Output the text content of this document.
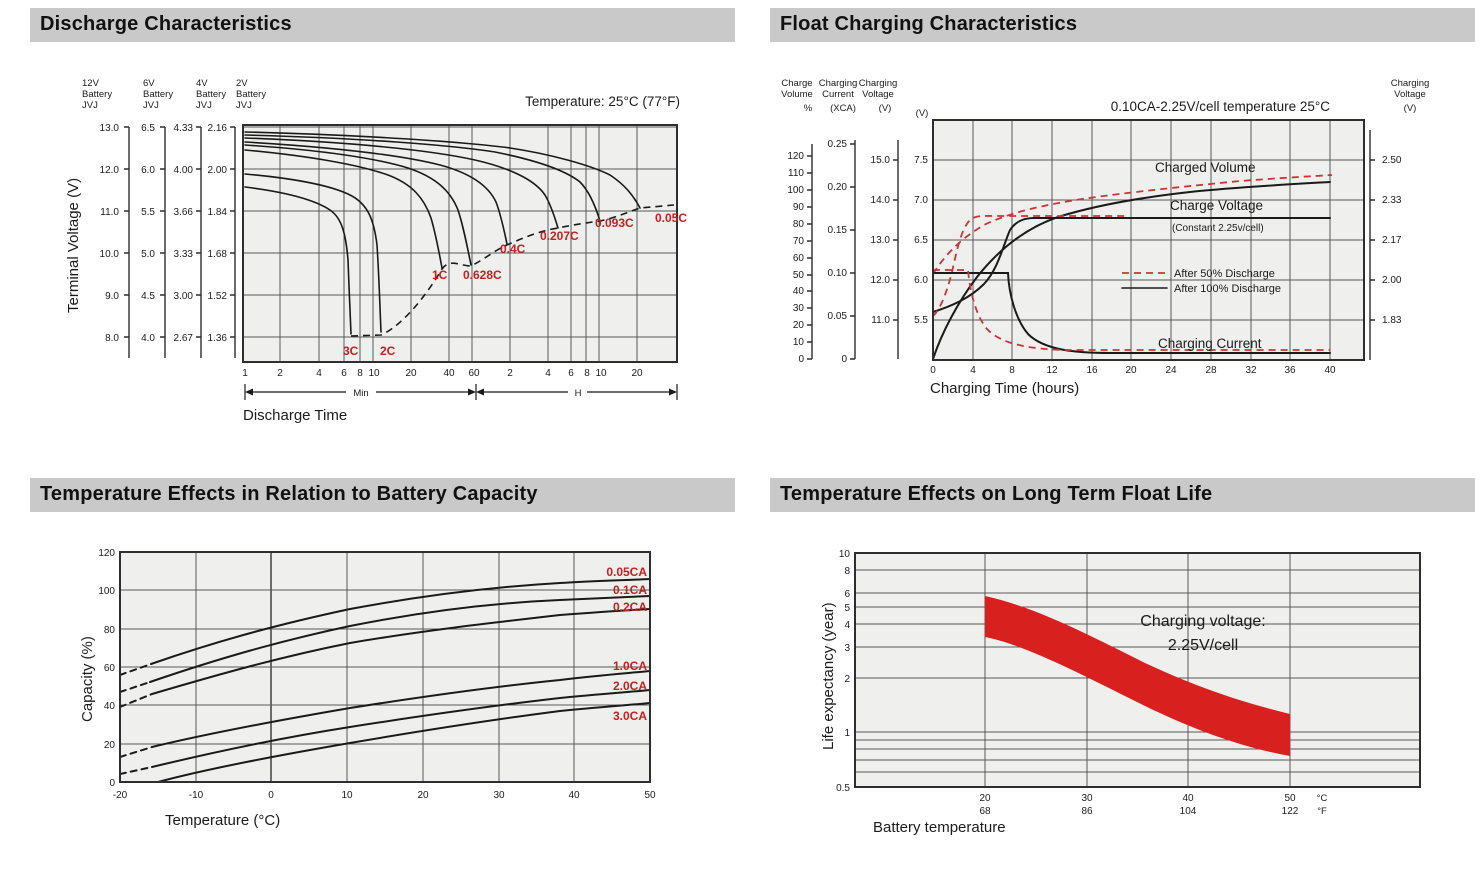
Discharge Characteristics	Float Charging Characteristics
Temperature Effects in Relation to Battery Capacity	Temperature Effects on Long Term Float Life
3C 2C
1C 0.628C
0.4C
0.207C
0.093C 0.05C
12V
Battery
JVJ
6V
Battery
JVJ
4V
Battery
JVJ
2V
Battery
JVJ
13.0
12.0
11.0
10.0
9.0
8.0
6.5
6.0
5.5
5.0
4.5
4.0
4.33
4.00
3.66
3.33
3.00
2.67
2.16
2.00
1.84
1.68
1.52
1.36
1	2	4 6 8 10	20	40 60	2	4 6 8 10 20
Min	H
Discharge Time
Terminal Voltage (V)
Temperature: 25°C (77°F)
Charged Volume
Charge Voltage
(Constant 2.25v/cell)
Charging Current
After 50% Discharge
After 100% Discharge
Charge
Volume
%
Charging
Current
(XCA)
Charging
Voltage
(V)	(V)
Charging
Voltage
(V)
120
110
100
90
80
70
60
50
40
30
20
10
0
0.25
0.20
0.15
0.10
0.05
0
15.0
14.0
13.0
12.0
11.0
7.5
7.0
6.5
6.0
5.5
2.50
2.33
2.17
2.00
1.83
0	4	8	12	16	20	24	28	32	36	40
Charging Time (hours)
0.10CA-2.25V/cell temperature 25°C
0.05CA
0.1CA
0.2CA
1.0CA
2.0CA
3.0CA
120
100
80
60
40
20
0
-20	-10	0	10	20	30	40	50
Temperature (°C)
Capacity (%)
Charging voltage:
2.25V/cell
10
8
6
5
4
3
2
1
0.5
20	30	40	50
68	86	104	122
°C
°F
Battery temperature
Life expectancy (year)
